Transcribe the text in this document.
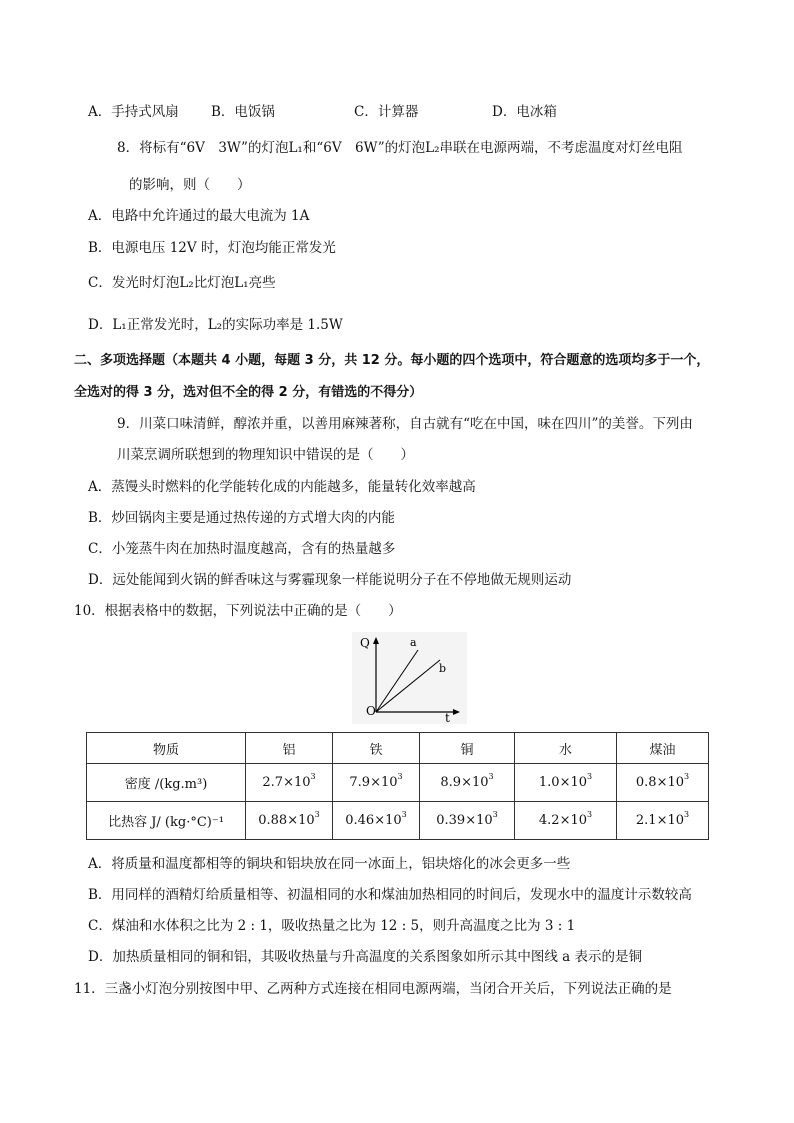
A．手持式风扇 B．电饭锅	C．计算器	D．电冰箱
8．将标有“6V　3W”的灯泡L₁和“6V　6W”的灯泡L₂串联在电源两端，不考虑温度对灯丝电阻
的影响，则（　　）
A．电路中允许通过的最大电流为 1A
B．电源电压 12V 时，灯泡均能正常发光
C．发光时灯泡L₂比灯泡L₁亮些
D．L₁正常发光时，L₂的实际功率是 1.5W
二、多项选择题（本题共 4 小题，每题 3 分，共 12 分。每小题的四个选项中，符合题意的选项均多于一个，
全选对的得 3 分，选对但不全的得 2 分，有错选的不得分）
9．川菜口味清鲜，醇浓并重，以善用麻辣著称，自古就有“吃在中国，味在四川”的美誉。下列由
川菜烹调所联想到的物理知识中错误的是（　　）
A．蒸馒头时燃料的化学能转化成的内能越多，能量转化效率越高
B．炒回锅肉主要是通过热传递的方式增大肉的内能
C．小笼蒸牛肉在加热时温度越高，含有的热量越多
D．远处能闻到火锅的鲜香味这与雾霾现象一样能说明分子在不停地做无规则运动
10．根据表格中的数据，下列说法中正确的是（　　）
Q
t
O
a
b
物质	铝	铁	铜	水	煤油
密度 /(kg.m³)	$2.7\times 10^3$	$7.9\times 10^3$	$8.9\times 10^3$	$1.0\times 10^3$	$0.8\times 10^3$
比热容 J/ (kg·°C)⁻¹	$0.88\times 10^3$	$0.46\times 10^3$	$0.39\times 10^3$	$4.2\times 10^3$	$2.1\times 10^3$
A．将质量和温度都相等的铜块和铝块放在同一冰面上，铝块熔化的冰会更多一些
B．用同样的酒精灯给质量相等、初温相同的水和煤油加热相同的时间后，发现水中的温度计示数较高
C．煤油和水体积之比为 2 : 1，吸收热量之比为 12 : 5，则升高温度之比为 3 : 1
D．加热质量相同的铜和铝，其吸收热量与升高温度的关系图象如所示其中图线 a 表示的是铜
11．三盏小灯泡分别按图中甲、乙两种方式连接在相同电源两端，当闭合开关后，下列说法正确的是
